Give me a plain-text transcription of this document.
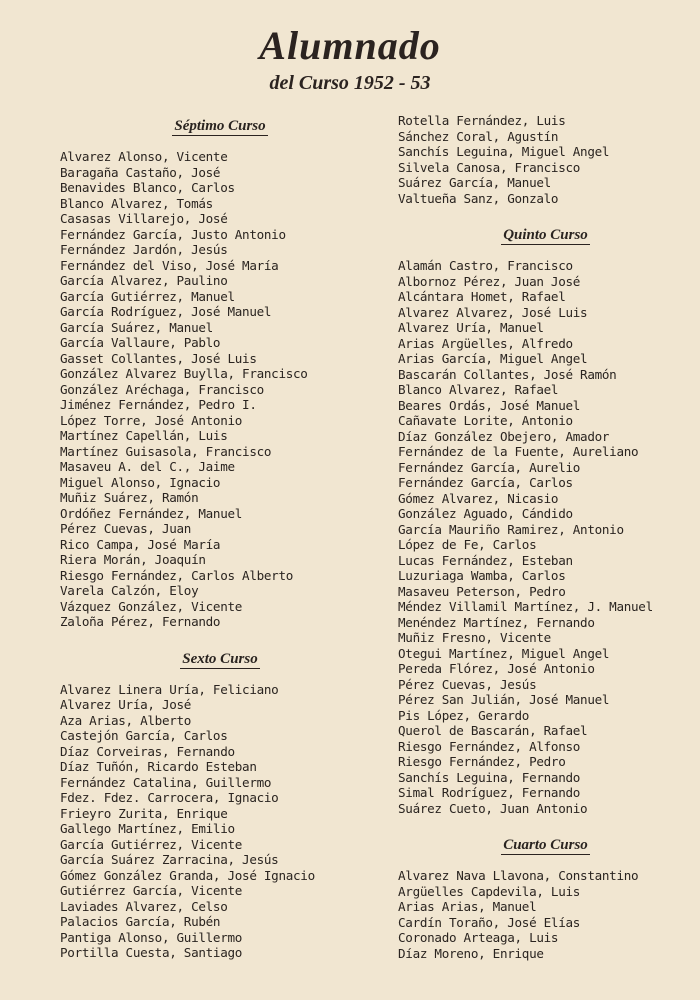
Alumnado
del Curso 1952 - 53
Séptimo Curso
Alvarez Alonso, Vicente
Baragaña Castaño, José
Benavides Blanco, Carlos
Blanco Alvarez, Tomás
Casasas Villarejo, José
Fernández García, Justo Antonio
Fernández Jardón, Jesús
Fernández del Viso, José María
García Alvarez, Paulino
García Gutiérrez, Manuel
García Rodríguez, José Manuel
García Suárez, Manuel
García Vallaure, Pablo
Gasset Collantes, José Luis
González Alvarez Buylla, Francisco
González Aréchaga, Francisco
Jiménez Fernández, Pedro I.
López Torre, José Antonio
Martínez Capellán, Luis
Martínez Guisasola, Francisco
Masaveu A. del C., Jaime
Miguel Alonso, Ignacio
Muñiz Suárez, Ramón
Ordóñez Fernández, Manuel
Pérez Cuevas, Juan
Rico Campa, José María
Riera Morán, Joaquín
Riesgo Fernández, Carlos Alberto
Varela Calzón, Eloy
Vázquez González, Vicente
Zaloña Pérez, Fernando
Sexto Curso
Alvarez Linera Uría, Feliciano
Alvarez Uría, José
Aza Arias, Alberto
Castejón García, Carlos
Díaz Corveiras, Fernando
Díaz Tuñón, Ricardo Esteban
Fernández Catalina, Guillermo
Fdez. Fdez. Carrocera, Ignacio
Frieyro Zurita, Enrique
Gallego Martínez, Emilio
García Gutiérrez, Vicente
García Suárez Zarracina, Jesús
Gómez González Granda, José Ignacio
Gutiérrez García, Vicente
Laviades Alvarez, Celso
Palacios García, Rubén
Pantiga Alonso, Guillermo
Portilla Cuesta, Santiago
Rotella Fernández, Luis
Sánchez Coral, Agustín
Sanchís Leguina, Miguel Angel
Silvela Canosa, Francisco
Suárez García, Manuel
Valtueña Sanz, Gonzalo
Quinto Curso
Alamán Castro, Francisco
Albornoz Pérez, Juan José
Alcántara Homet, Rafael
Alvarez Alvarez, José Luis
Alvarez Uría, Manuel
Arias Argüelles, Alfredo
Arias García, Miguel Angel
Bascarán Collantes, José Ramón
Blanco Alvarez, Rafael
Beares Ordás, José Manuel
Cañavate Lorite, Antonio
Díaz González Obejero, Amador
Fernández de la Fuente, Aureliano
Fernández García, Aurelio
Fernández García, Carlos
Gómez Alvarez, Nicasio
González Aguado, Cándido
García Mauriño Ramirez, Antonio
López de Fe, Carlos
Lucas Fernández, Esteban
Luzuriaga Wamba, Carlos
Masaveu Peterson, Pedro
Méndez Villamil Martínez, J. Manuel
Menéndez Martínez, Fernando
Muñiz Fresno, Vicente
Otegui Martínez, Miguel Angel
Pereda Flórez, José Antonio
Pérez Cuevas, Jesús
Pérez San Julián, José Manuel
Pis López, Gerardo
Querol de Bascarán, Rafael
Riesgo Fernández, Alfonso
Riesgo Fernández, Pedro
Sanchís Leguina, Fernando
Simal Rodríguez, Fernando
Suárez Cueto, Juan Antonio
Cuarto Curso
Alvarez Nava Llavona, Constantino
Argüelles Capdevila, Luis
Arias Arias, Manuel
Cardín Toraño, José Elías
Coronado Arteaga, Luis
Díaz Moreno, Enrique
